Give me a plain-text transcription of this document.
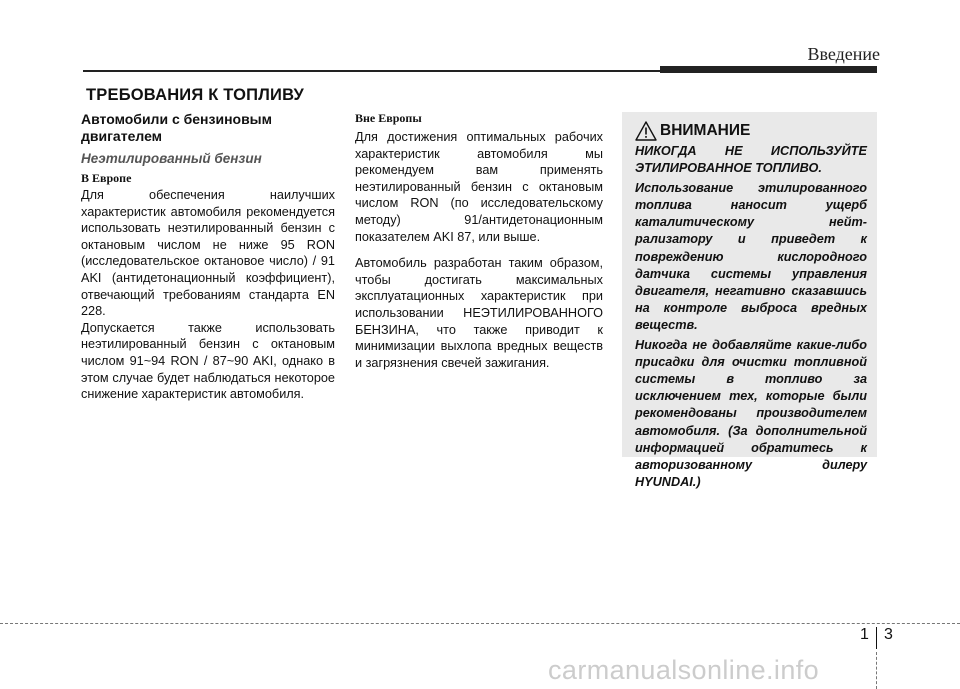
Введение
ТРЕБОВАНИЯ К ТОПЛИВУ
Автомобили с бензиновым двигателем
Неэтилированный бензин
В Европе

Для обеспечения наилучших характеристик автомобиля рекомендуется использовать неэтилированный бензин с октановым числом не ниже 95 RON (исследовательское октановое число) / 91 AKI (антидетонационный коэффициент), отвечающий требованиям стандарта EN 228.

Допускается также использовать неэтилированный бензин с октановым числом 91~94 RON / 87~90 AKI, однако в этом случае будет наблюдаться некоторое снижение характеристик автомобиля.

Вне Европы

Для достижения оптимальных рабочих характеристик автомобиля мы рекомендуем вам применять неэтилированный бензин с октановым числом RON (по исследовательскому методу) 91/антидетонационным показателем AKI 87, или выше.

Автомобиль разработан таким образом, чтобы достигать максимальных эксплуатационных характеристик при использовании НЕЭТИЛИРОВАННОГО БЕНЗИНА, что также приводит к минимизации выхлопа вредных веществ и загрязнения свечей зажигания.

ВНИМАНИЕ

НИКОГДА НЕ ИСПОЛЬЗУЙТЕ ЭТИЛИРОВАННОЕ ТОПЛИВО.

Использование этилированного топлива наносит ущерб каталитическому нейт-рализатору и приведет к повреждению кислородного датчика системы управления двигателя, негативно сказавшись на контроле выброса вредных веществ.

Никогда не добавляйте какие-либо присадки для очистки топливной системы в топливо за исключением тех, которые были рекомендованы производителем автомобиля. (За дополнительной информацией обратитесь к авторизованному дилеру HYUNDAI.)

1 3
carmanualsonline.info
